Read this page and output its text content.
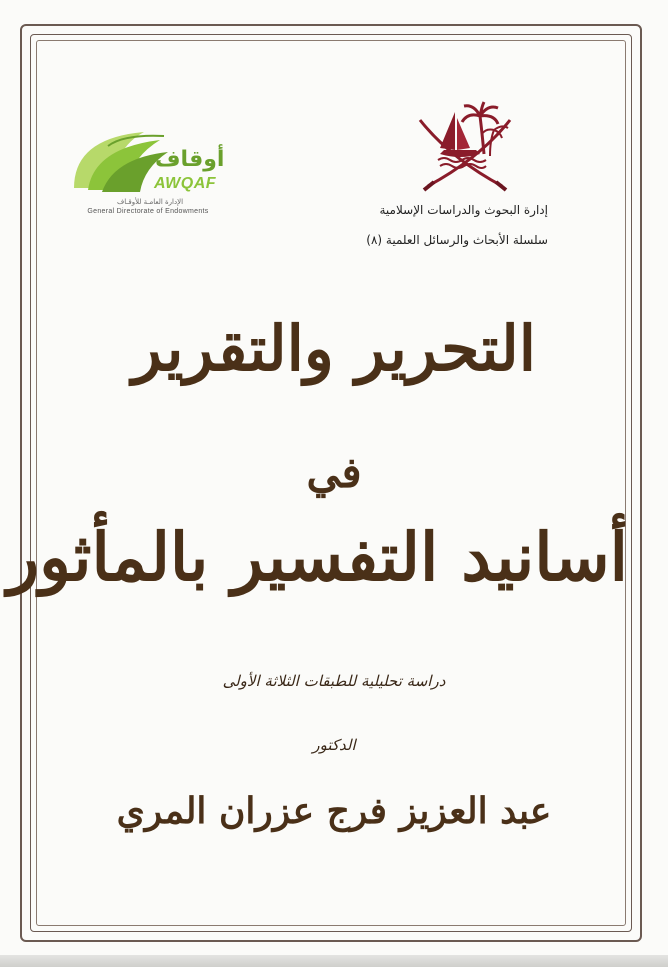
أوقاف
AWQAF
الإدارة العامـة للأوقـاف
General Directorate of Endowments	إدارة البحوث والدراسات الإسلامية
سلسلة الأبحاث والرسائل العلمية (٨)
التحرير والتقرير
في
أسانيد التفسير بالمأثور
دراسة تحليلية للطبقات الثلاثة الأولى
الدكتور
عبد العزيز فرج عزران المري
